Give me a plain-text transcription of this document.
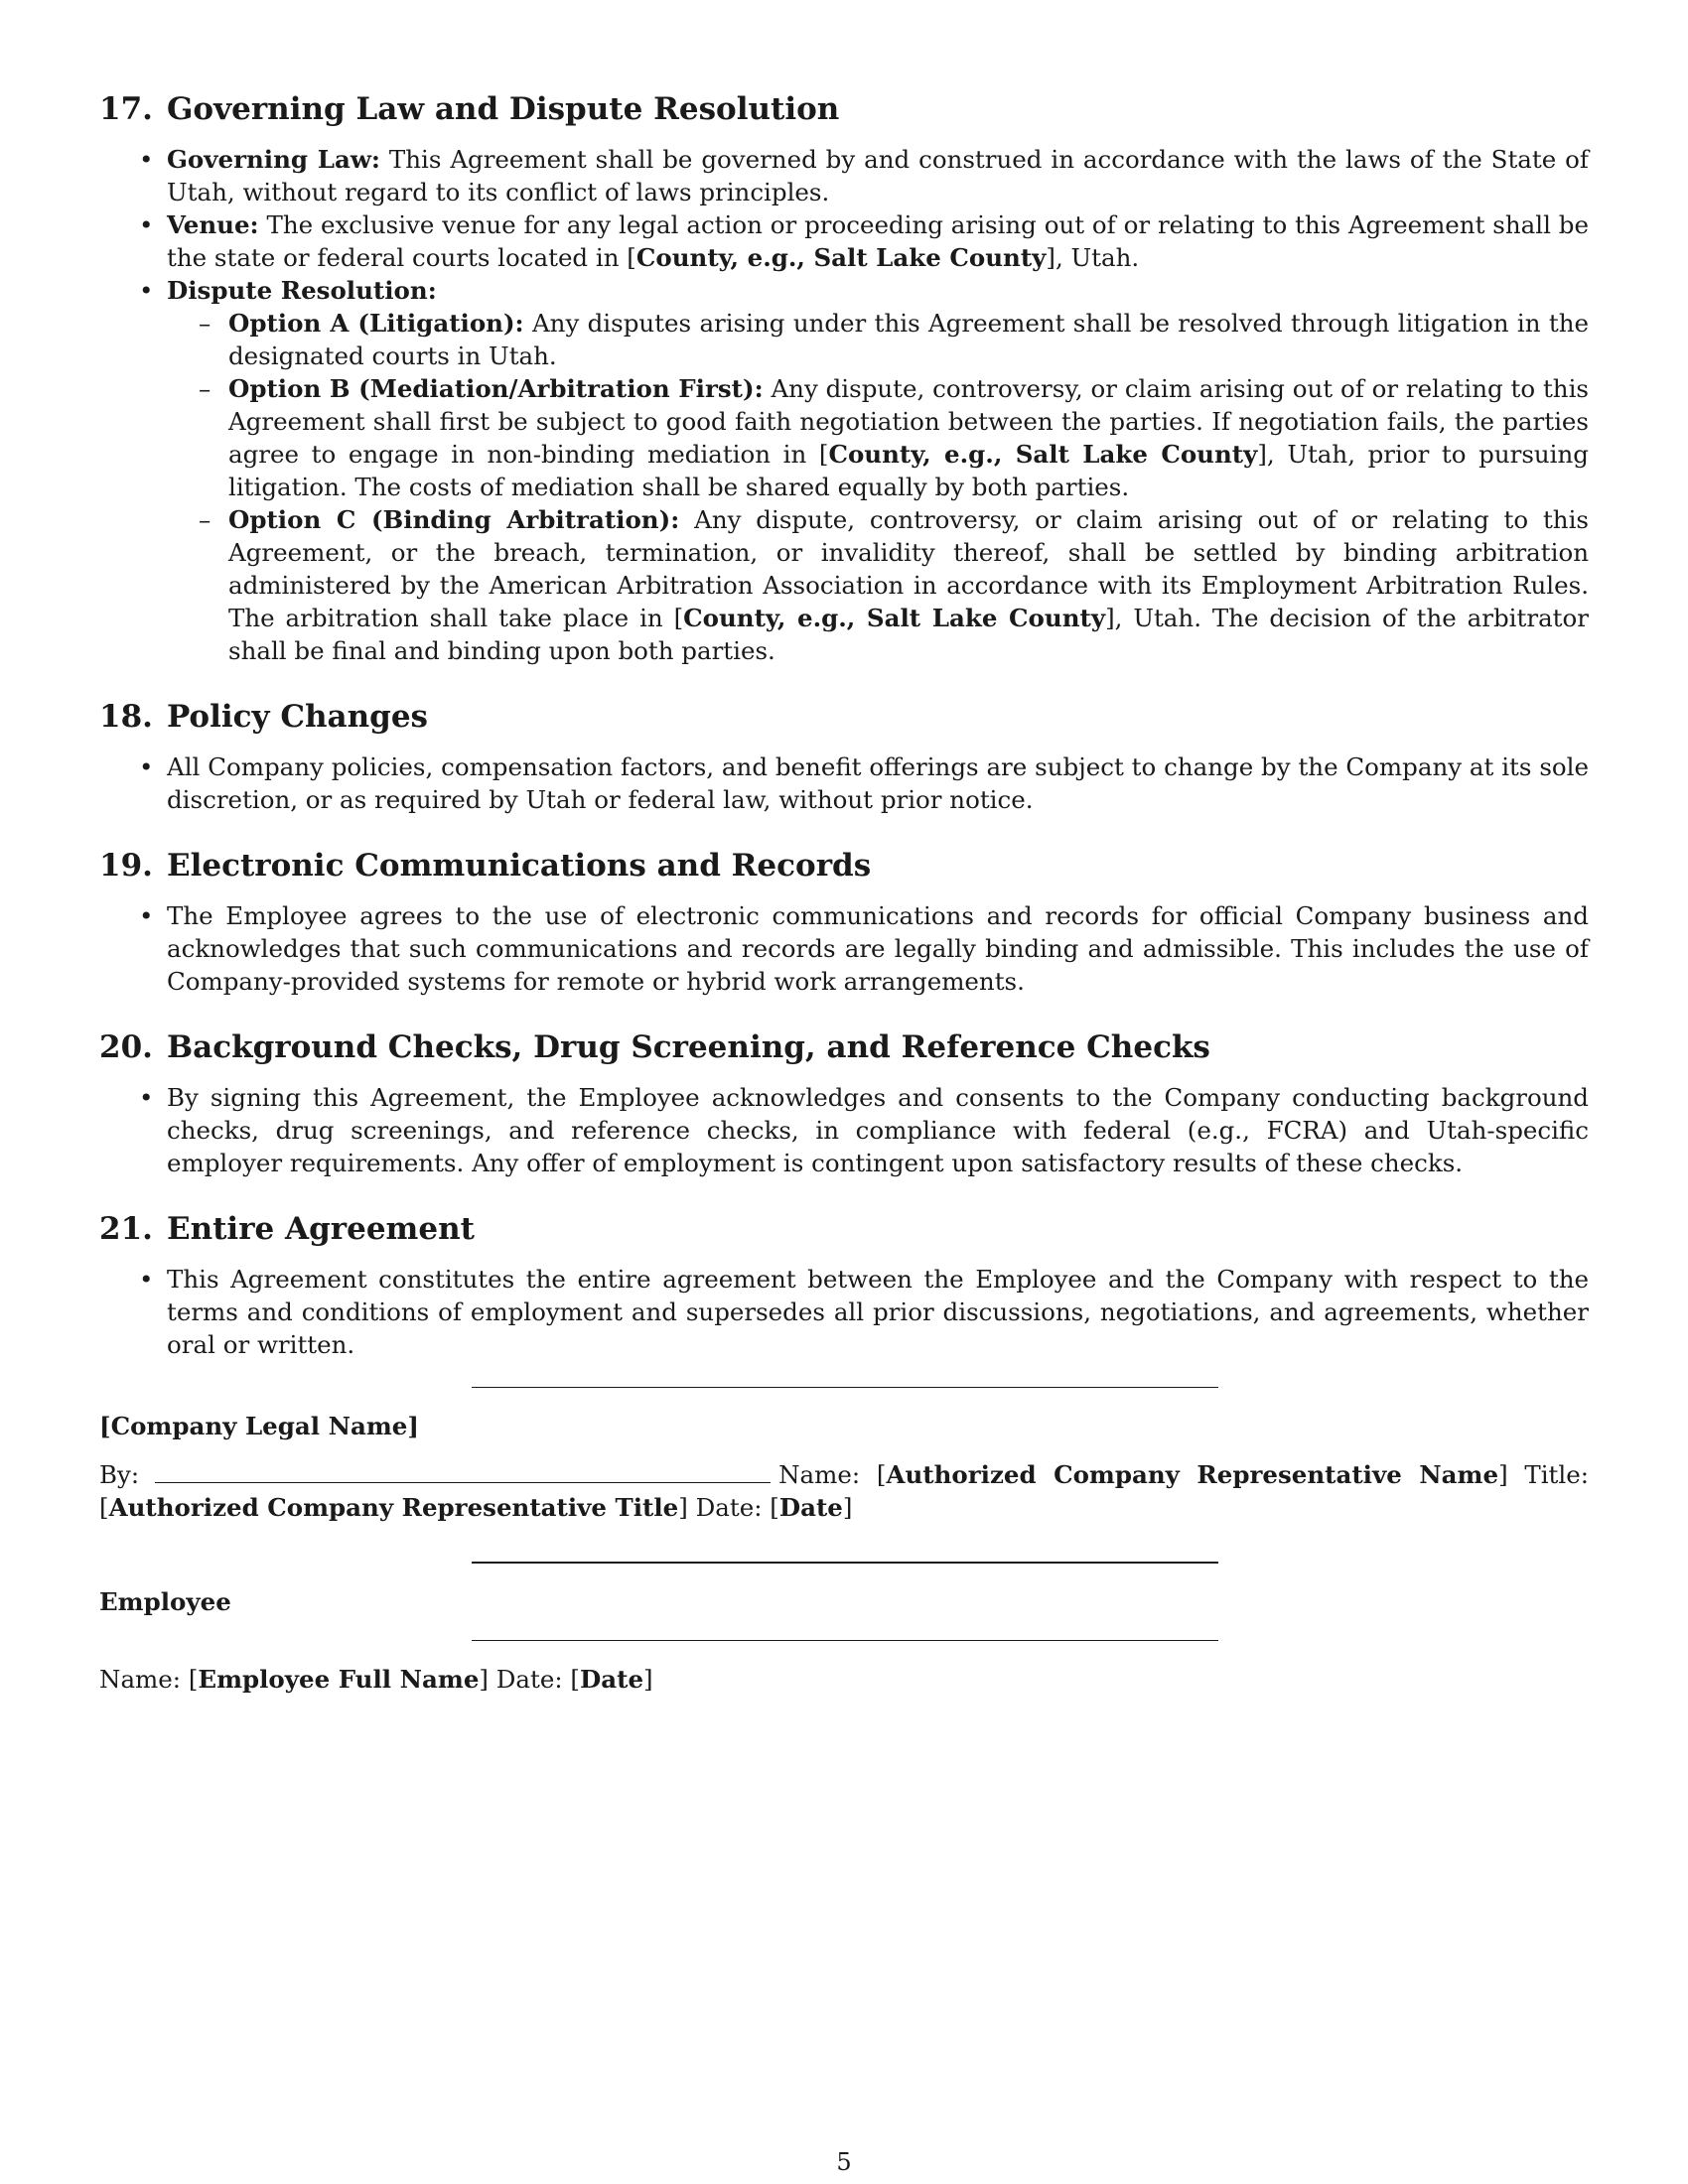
17. Governing Law and Dispute Resolution
• Governing Law: This Agreement shall be governed by and construed in accordance with the laws of the State of Utah, without regard to its conflict of laws principles.
• Venue: The exclusive venue for any legal action or proceeding arising out of or relating to this Agreement shall be the state or federal courts located in [County, e.g., Salt Lake County], Utah.
• Dispute Resolution:
– Option A (Litigation): Any disputes arising under this Agreement shall be resolved through litigation in the designated courts in Utah.
– Option B (Mediation/Arbitration First): Any dispute, controversy, or claim arising out of or relating to this Agreement shall first be subject to good faith negotiation between the parties. If negotiation fails, the parties agree to engage in non-binding mediation in [County, e.g., Salt Lake County], Utah, prior to pursuing litigation. The costs of mediation shall be shared equally by both parties.
– Option C (Binding Arbitration): Any dispute, controversy, or claim arising out of or relating to this Agreement, or the breach, termination, or invalidity thereof, shall be settled by binding arbitration administered by the American Arbitration Association in accordance with its Employment Arbitration Rules. The arbitration shall take place in [County, e.g., Salt Lake County], Utah. The decision of the arbitrator shall be final and binding upon both parties.
18. Policy Changes
• All Company policies, compensation factors, and benefit offerings are subject to change by the Company at its sole discretion, or as required by Utah or federal law, without prior notice.
19. Electronic Communications and Records
• The Employee agrees to the use of electronic communications and records for official Company business and acknowledges that such communications and records are legally binding and admissible. This includes the use of Company-provided systems for remote or hybrid work arrangements.
20. Background Checks, Drug Screening, and Reference Checks
• By signing this Agreement, the Employee acknowledges and consents to the Company conducting background checks, drug screenings, and reference checks, in compliance with federal (e.g., FCRA) and Utah-specific employer requirements. Any offer of employment is contingent upon satisfactory results of these checks.
21. Entire Agreement
• This Agreement constitutes the entire agreement between the Employee and the Company with respect to the terms and conditions of employment and supersedes all prior discussions, negotiations, and agreements, whether oral or written.
[Company Legal Name]
By:	Name: [Authorized Company Representative Name] Title: [Authorized Company Representative Title] Date: [Date]
Employee
Name: [Employee Full Name] Date: [Date]
5
